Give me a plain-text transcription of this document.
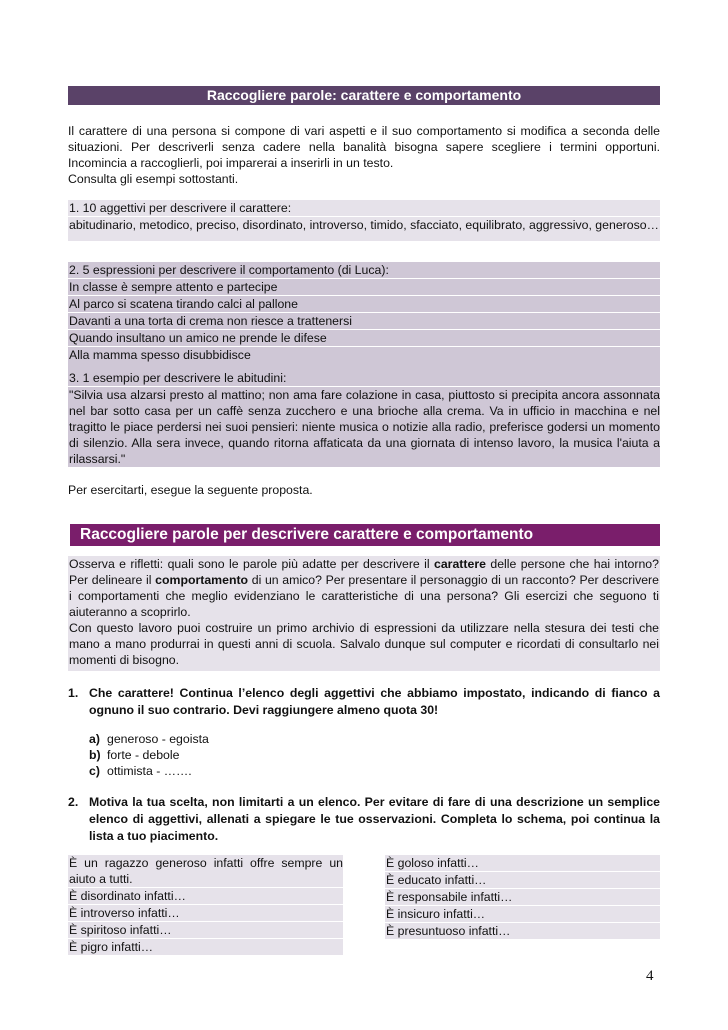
Raccogliere parole: carattere e comportamento

Il carattere di una persona si compone di vari aspetti e il suo comportamento si modifica a seconda delle situazioni. Per descriverli senza cadere nella banalità bisogna sapere scegliere i termini opportuni. Incomincia a raccoglierli, poi imparerai a inserirli in un testo.

Consulta gli esempi sottostanti.

1. 10 aggettivi per descrivere il carattere:
abitudinario, metodico, preciso, disordinato, introverso, timido, sfacciato, equilibrato, aggressivo, generoso…
2. 5 espressioni per descrivere il comportamento (di Luca):
In classe è sempre attento e partecipe
Al parco si scatena tirando calci al pallone
Davanti a una torta di crema non riesce a trattenersi
Quando insultano un amico ne prende le difese
Alla mamma spesso disubbidisce
3. 1 esempio per descrivere le abitudini:
"Silvia usa alzarsi presto al mattino; non ama fare colazione in casa, piuttosto si precipita ancora assonnata nel bar sotto casa per un caffè senza zucchero e una brioche alla crema. Va in ufficio in macchina e nel tragitto le piace perdersi nei suoi pensieri: niente musica o notizie alla radio, preferisce godersi un momento di silenzio. Alla sera invece, quando ritorna affaticata da una giornata di intenso lavoro, la musica l'aiuta a rilassarsi."
Per esercitarti, esegue la seguente proposta.
Raccogliere parole per descrivere carattere e comportamento
Osserva e rifletti: quali sono le parole più adatte per descrivere il carattere delle persone che hai intorno? Per delineare il comportamento di un amico? Per presentare il personaggio di un racconto? Per descrivere i comportamenti che meglio evidenziano le caratteristiche di una persona? Gli esercizi che seguono ti aiuteranno a scoprirlo.
Con questo lavoro puoi costruire un primo archivio di espressioni da utilizzare nella stesura dei testi che mano a mano produrrai in questi anni di scuola. Salvalo dunque sul computer e ricordati di consultarlo nei momenti di bisogno.
1. Che carattere! Continua l’elenco degli aggettivi che abbiamo impostato, indicando di fianco a ognuno il suo contrario. Devi raggiungere almeno quota 30!
a) generoso - egoista
b) forte - debole
c) ottimista - …….
2. Motiva la tua scelta, non limitarti a un elenco. Per evitare di fare di una descrizione un semplice elenco di aggettivi, allenati a spiegare le tue osservazioni. Completa lo schema, poi continua la lista a tuo piacimento.
È un ragazzo generoso infatti offre sempre un aiuto a tutti.
È disordinato infatti…
È introverso infatti…
È spiritoso infatti…
È pigro infatti…
È goloso infatti…
È educato infatti…
È responsabile infatti…
È insicuro infatti…
È presuntuoso infatti…
4
